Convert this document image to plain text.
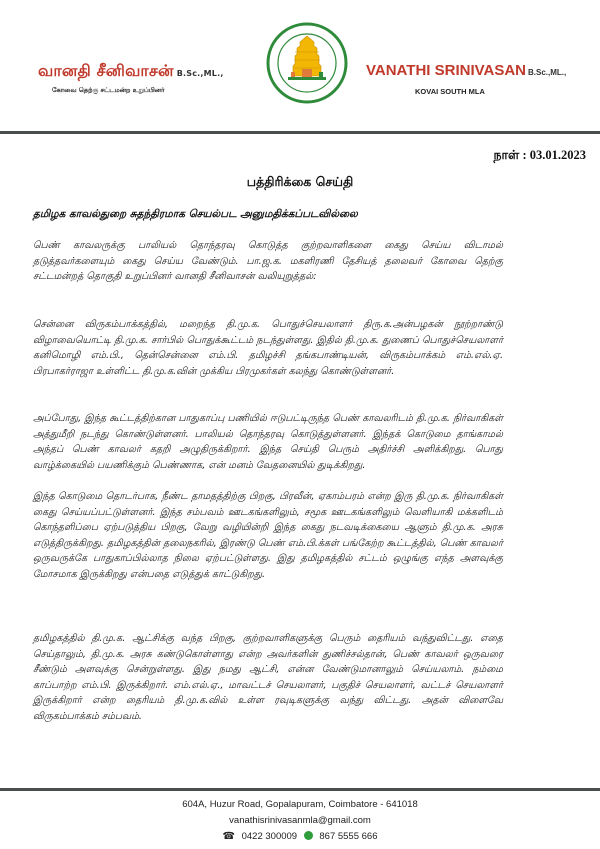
வானதி சீனிவாசன் B.Sc.,ML.,
கோவை தெற்கு சட்டமன்ற உறுப்பினர்
VANATHI SRINIVASAN B.Sc.,ML.,
KOVAI SOUTH MLA
நாள் : 03.01.2023
பத்திரிக்கை செய்தி
தமிழக காவல்துறை சுதந்திரமாக செயல்பட அனுமதிக்கப்படவில்லை
பெண் காவலருக்கு பாலியல் தொந்தரவு கொடுத்த குற்றவாளிகளை கைது செய்ய விடாமல் தடுத்தவர்களையும் கைது செய்ய வேண்டும். பா.ஜ.க. மகளிரணி தேசியத் தலைவர் கோவை தெற்கு சட்டமன்றத் தொகுதி உறுப்பினர் வானதி சீனிவாசன் வலியுறுத்தல்:
சென்னை விருகம்பாக்கத்தில், மறைந்த தி.மு.க. பொதுச்செயலாளர் திரு.க.அன்பழகன் நூற்றாண்டு விழாவையொட்டி தி.மு.க. சார்பில் பொதுக்கூட்டம் நடந்துள்ளது. இதில் தி.மு.க. துணைப் பொதுச்செயலாளர் கனிமொழி எம்.பி., தென்சென்னை எம்.பி. தமிழச்சி தங்கபாண்டியன், விருகம்பாக்கம் எம்.எல்.ஏ. பிரபாகர்ராஜா உள்ளிட்ட தி.மு.க.வின் முக்கிய பிரமுகர்கள் கலந்து கொண்டுள்ளனர்.
அப்போது, இந்த கூட்டத்திற்கான பாதுகாப்பு பணியில் ஈடுபட்டிருந்த பெண் காவலரிடம் தி.மு.க. நிர்வாகிகள் அத்துமீறி நடந்து கொண்டுள்ளனர். பாலியல் தொந்தரவு கொடுத்துள்ளனர். இந்தக் கொடுமை தாங்காமல் அந்தப் பெண் காவலர் கதறி அழுதிருக்கிறார். இந்த செய்தி பெரும் அதிர்ச்சி அளிக்கிறது. பொது வாழ்க்கையில் பயணிக்கும் பெண்ணாக, என் மனம் வேதனையில் துடிக்கிறது.
இந்த கொடுமை தொடர்பாக, நீண்ட தாமதத்திற்கு பிறகு, பிரவீன், ஏகாம்பரம் என்ற இரு தி.மு.க. நிர்வாகிகள் கைது செய்யப்பட்டுள்ளனர். இந்த சம்பவம் ஊடகங்களிலும், சமூக ஊடகங்களிலும் வெளியாகி மக்களிடம் கொந்தளிப்பை ஏற்படுத்திய பிறகு, வேறு வழியின்றி இந்த கைது நடவடிக்கையை ஆளும் தி.மு.க. அரசு எடுத்திருக்கிறது. தமிழகத்தின் தலைநகரில், இரண்டு பெண் எம்.பி.க்கள் பங்கேற்ற கூட்டத்தில், பெண் காவலர் ஒருவருக்கே பாதுகாப்பில்லாத நிலை ஏற்பட்டுள்ளது. இது தமிழகத்தில் சட்டம் ஒழுங்கு எந்த அளவுக்கு மோசமாக இருக்கிறது என்பதை எடுத்துக் காட்டுகிறது.
தமிழகத்தில் தி.மு.க. ஆட்சிக்கு வந்த பிறகு, குற்றவாளிகளுக்கு பெரும் தைரியம் வந்துவிட்டது. எதை செய்தாலும், தி.மு.க. அரசு கண்டுகொள்ளாது என்ற அவர்களின் துணிச்சல்தான், பெண் காவலர் ஒருவரை சீண்டும் அளவுக்கு சென்றுள்ளது. இது நமது ஆட்சி, என்ன வேண்டுமானாலும் செய்யலாம். நம்மை காப்பாற்ற எம்.பி. இருக்கிறார். எம்.எல்.ஏ., மாவட்டச் செயலாளர், பகுதிச் செயலாளர், வட்டச் செயலாளர் இருக்கிறார் என்ற தைரியம் தி.மு.க.வில் உள்ள ரவுடிகளுக்கு வந்து விட்டது. அதன் விளைவே விருகம்பாக்கம் சம்பவம்.
604A, Huzur Road, Gopalapuram, Coimbatore - 641018
vanathisrinivasanmla@gmail.com
☎ 0422 300009 867 5555 666
